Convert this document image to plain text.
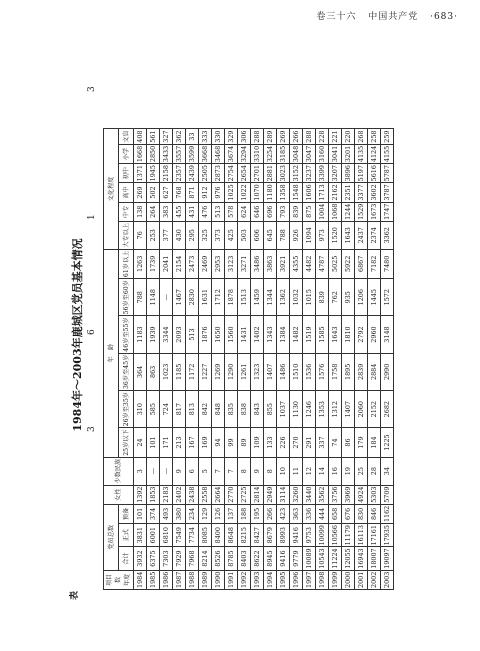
卷三十六 中国共产党 ·683·
1984年～2003年鹿城区党员基本情况 3
6
1
3
表
项目 数 年度	党员总数			女性	少数民族	年　龄						文化程度					
	合计	正式	预备			25岁以下	26岁至35岁	36岁至45岁	46岁至55岁	56岁至60岁	61岁以上	大专以上	中专	高中	初中	小学	文盲
1984	3932	3831	101	1392	3	24	310	364	1183	788	1263	76	138	269	1371	1668	408
1985	6375	6001	374	1853	—	101	585	863	1939	1148	1739	253	264	502	1945	2850	561
1986	7303	6810	493	2183	—	171	724	1023	3344	—	2041	377	383	627	2158	3433	327
1987	7929	7549	380	2402	9	213	817	1185	2093	1467	2154	430	455	768	2357	3557	362
1988	7968	7734	234	2438	6	167	813	1172	513	2830	2473	295	431	871	2439	3599	33
1989	8214	8085	129	2558	5	169	842	1227	1876	1631	2469	325	476	912	2505	3668	333
1990	8526	8400	126	2664	7	94	848	1269	1650	1712	2953	373	513	976	2873	3468	330
1991	8785	8648	137	2770	7	99	835	1290	1560	1878	3123	425	578	1025	2754	3674	329
1992	8403	8215	188	2725	8	89	838	1261	1431	1513	3271	503	624	1022	2654	3294	306
1993	8622	8427	195	2814	9	109	843	1323	1402	1459	3486	606	646	1070	2701	3310	288
1994	8945	8679	266	2949	8	133	855	1407	1343	1344	3863	645	696	1180	2881	3254	289
1995	9416	8993	423	3114	10	226	1037	1486	1384	1362	3921	788	793	1358	3023	3185	269
1996	9779	9416	363	3260	11	270	1130	1510	1482	1032	4355	926	839	1548	3152	3048	266
1997	10089	9753	336	3440	12	291	1246	1536	1519	1015	4482	1094	875	1606	3237	3047	288
1998	10543	10099	444	3562	14	337	1353	1576	1585	839	4787	973	1004	1713	3399	3160	228
1999	11224	10566	658	3756	16	74	1312	1758	1643	762	5025	1520	1068	2162	3207	3041	221
2000	12055	11179	676	3969	19	86	1407	1895	1810	935	5922	1643	1244	2351	3896	3201	220
2001	16943	16113	830	4924	25	179	2060	2839	2792	1206	6867	2437	1529	3377	5197	4135	268
2002	18007	17161	846	5303	28	184	2152	2884	2960	1445	7182	2374	1673	3602	5616	4124	258
2003	19097	17935	1162	5709	34	1225	2682	2990	3148	1572	7480	3362	1747	3787	5787	4155	259
